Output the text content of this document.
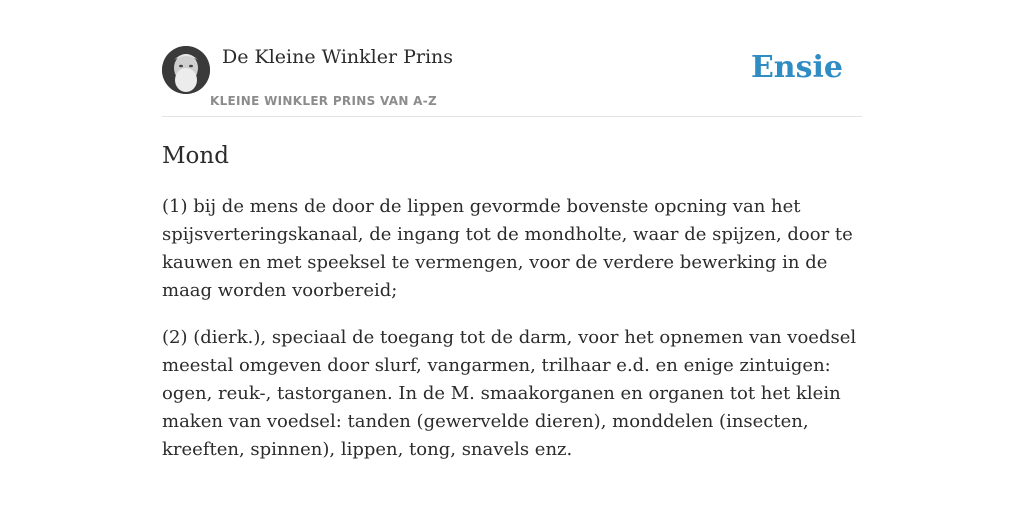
De Kleine Winkler Prins
KLEINE WINKLER PRINS VAN A-Z
Ensie
Mond

(1) bij de mens de door de lippen gevormde bovenste opcning van het spijsverteringskanaal, de ingang tot de mondholte, waar de spijzen, door te kauwen en met speeksel te vermengen, voor de verdere bewerking in de maag worden voorbereid;

(2) (dierk.), speciaal de toegang tot de darm, voor het opnemen van voedsel meestal omgeven door slurf, vangarmen, trilhaar e.d. en enige zintuigen: ogen, reuk-, tastorganen. In de M. smaakorganen en organen tot het klein maken van voedsel: tanden (gewervelde dieren), monddelen (insecten, kreeften, spinnen), lippen, tong, snavels enz.
